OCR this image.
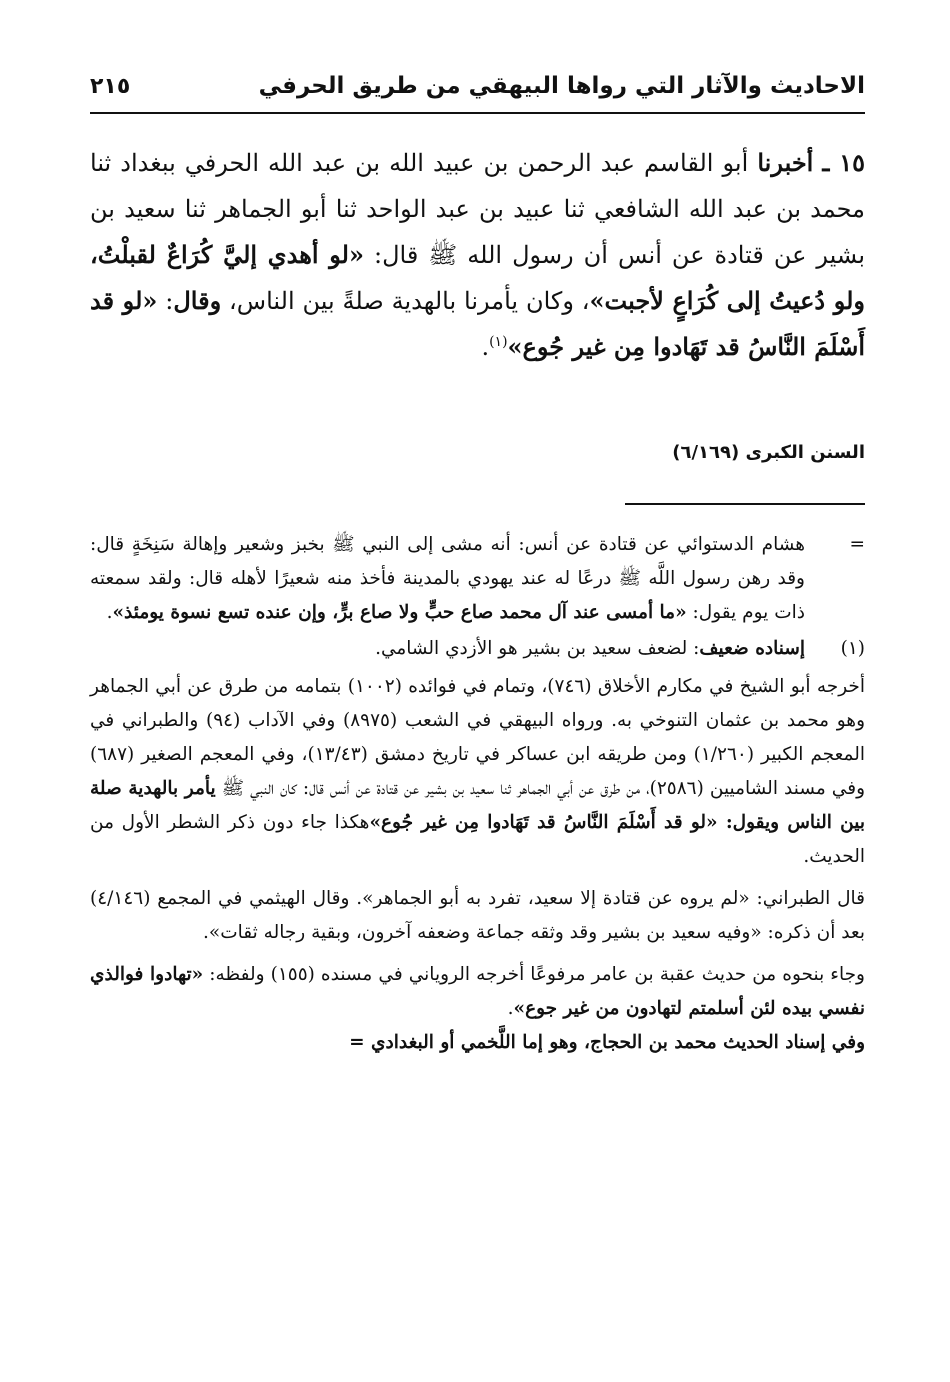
الاحاديث والآثار التي رواها البيهقي من طريق الحرفي
٢١٥

١٥ ـ أخبرنا أبو القاسم عبد الرحمن بن عبيد الله بن عبد الله الحرفي ببغداد ثنا محمد بن عبد الله الشافعي ثنا عبيد بن عبد الواحد ثنا أبو الجماهر ثنا سعيد بن بشير عن قتادة عن أنس أن رسول الله ﷺ قال: «لو أهدي إليَّ كُرَاعٌ لقبلْتُ، ولو دُعيتُ إلى كُرَاعٍ لأجبت»، وكان يأمرنا بالهدية صلةً بين الناس، وقال: «لو قد أَسْلَمَ النَّاسُ قد تَهَادوا مِن غير جُوع»$^{(١)}$.

السنن الكبرى (٦/١٦٩)

=
هشام الدستوائي عن قتادة عن أنس: أنه مشى إلى النبي ﷺ بخبز وشعير وإهالة سَنِخَةٍ قال: وقد رهن رسول اللَّه ﷺ درعًا له عند يهودي بالمدينة فأخذ منه شعيرًا لأهله قال: ولقد سمعته ذات يوم يقول: «ما أمسى عند آل محمد صاع حبٍّ ولا صاع برٍّ، وإن عنده تسع نسوة يومئذ».

(١)
إسناده ضعيف: لضعف سعيد بن بشير هو الأزدي الشامي.

أخرجه أبو الشيخ في مكارم الأخلاق (٧٤٦)، وتمام في فوائده (١٠٠٢) بتمامه من طرق عن أبي الجماهر وهو محمد بن عثمان التنوخي به. ورواه البيهقي في الشعب (٨٩٧٥) وفي الآداب (٩٤) والطبراني في المعجم الكبير (١/٢٦٠) ومن طريقه ابن عساكر في تاريخ دمشق (١٣/٤٣)، وفي المعجم الصغير (٦٨٧) وفي مسند الشاميين (٢٥٨٦)، من طرق عن أبي الجماهر ثنا سعيد بن بشير عن قتادة عن أنس قال: كان النبي ﷺ يأمر بالهدية صلة بين الناس ويقول: «لو قد أَسْلَمَ النَّاسُ قد تَهَادوا مِن غير جُوع»هكذا جاء دون ذكر الشطر الأول من الحديث.

قال الطبراني: «لم يروه عن قتادة إلا سعيد، تفرد به أبو الجماهر». وقال الهيثمي في المجمع (٤/١٤٦) بعد أن ذكره: «وفيه سعيد بن بشير وقد وثقه جماعة وضعفه آخرون، وبقية رجاله ثقات».

وجاء بنحوه من حديث عقبة بن عامر مرفوعًا أخرجه الروياني في مسنده (١٥٥) ولفظه: «تهادوا فوالذي نفسي بيده لئن أسلمتم لتهادون من غير جوع».

وفي إسناد الحديث محمد بن الحجاج، وهو إما اللَّخمي أو البغدادي =
